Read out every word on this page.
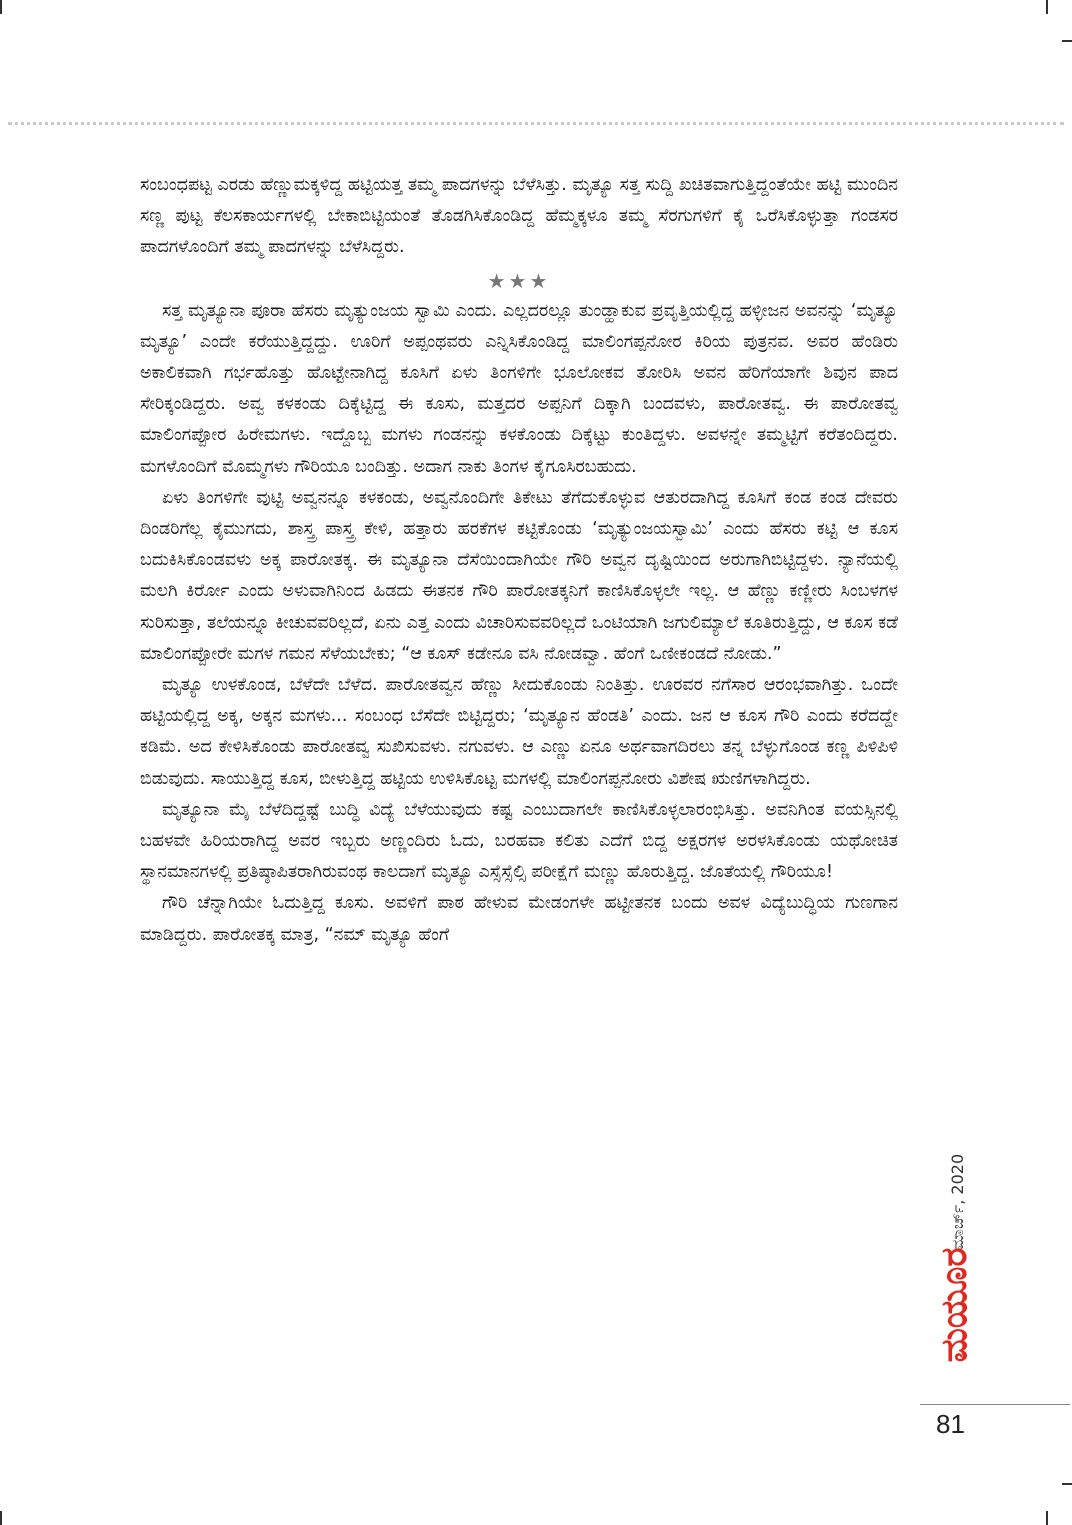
ಸಂಬಂಧಪಟ್ಟ ಎರಡು ಹೆಣ್ಣುಮಕ್ಕಳಿದ್ದ ಹಟ್ಟಿಯತ್ತ ತಮ್ಮ ಪಾದಗಳನ್ನು ಬೆಳೆಸಿತ್ತು. ಮೃತ್ಯೂ ಸತ್ತ ಸುದ್ದಿ ಖಚಿತವಾಗುತ್ತಿದ್ದಂತೆಯೇ ಹಟ್ಟಿ ಮುಂದಿನ ಸಣ್ಣ ಪುಟ್ಟ ಕೆಲಸಕಾರ್ಯಗಳಲ್ಲಿ ಬೇಕಾಬಿಟ್ಟಿಯಂತೆ ತೊಡಗಿಸಿಕೊಂಡಿದ್ದ ಹೆಮ್ಮಕ್ಕಳೂ ತಮ್ಮ ಸೆರಗುಗಳಿಗೆ ಕೈ ಒರೆಸಿಕೊಳ್ಳುತ್ತಾ ಗಂಡಸರ ಪಾದಗಳೊಂದಿಗೆ ತಮ್ಮ ಪಾದಗಳನ್ನು ಬೆಳೆಸಿದ್ದರು.

★★★

ಸತ್ತ ಮೃತ್ಯೂನಾ ಪೂರಾ ಹೆಸರು ಮೃತ್ಯುಂಜಯ ಸ್ವಾಮಿ ಎಂದು. ಎಲ್ಲದರಲ್ಲೂ ತುಂಡ್ಹಾಕುವ ಪ್ರವೃತ್ತಿಯಲ್ಲಿದ್ದ ಹಳ್ಳೀಜನ ಅವನನ್ನು ‘ಮೃತ್ಯೂ ಮೃತ್ಯೂ’ ಎಂದೇ ಕರೆಯುತ್ತಿದ್ದದ್ದು. ಊರಿಗೆ ಅಪ್ಪಂಥವರು ಎನ್ನಿಸಿಕೊಂಡಿದ್ದ ಮಾಲಿಂಗಪ್ಪನೋರ ಕಿರಿಯ ಪುತ್ರನವ. ಅವರ ಹೆಂಡಿರು ಅಕಾಲಿಕವಾಗಿ ಗರ್ಭಹೊತ್ತು ಹೊಟ್ಟೇನಾಗಿದ್ದ ಕೂಸಿಗೆ ಏಳು ತಿಂಗಳಿಗೇ ಭೂಲೋಕವ ತೋರಿಸಿ ಅವನ ಹೆರಿಗೆಯಾಗೇ ಶಿವುನ ಪಾದ ಸೇರಿಕ್ಕಂಡಿದ್ದರು. ಅವ್ವ ಕಳಕಂಡು ದಿಕ್ಕೆಟ್ಟಿದ್ದ ಈ ಕೂಸು, ಮತ್ತದರ ಅಪ್ಪನಿಗೆ ದಿಕ್ಕಾಗಿ ಬಂದವಳು, ಪಾರೋತವ್ವ. ಈ ಪಾರೋತವ್ವ ಮಾಲಿಂಗಪ್ಪೋರ ಹಿರೇಮಗಳು. ಇದ್ದೊಬ್ಬ ಮಗಳು ಗಂಡನನ್ನು ಕಳಕೊಂಡು ದಿಕ್ಕೆಟ್ಟು ಕುಂತಿದ್ದಳು. ಅವಳನ್ನೇ ತಮ್ಮಟ್ಟಿಗೆ ಕರೆತಂದಿದ್ದರು. ಮಗಳೊಂದಿಗೆ ಮೊಮ್ಮಗಳು ಗೌರಿಯೂ ಬಂದಿತ್ತು. ಅದಾಗ ನಾಕು ತಿಂಗಳ ಕೈಗೂಸಿರಬಹುದು.

ಏಳು ತಿಂಗಳಿಗೇ ವುಟ್ಟಿ ಅವ್ವನನ್ನೂ ಕಳಕಂಡು, ಅವ್ವನೊಂದಿಗೇ ತಿಕೇಟು ತೆಗೆದುಕೊಳ್ಳುವ ಆತುರದಾಗಿದ್ದ ಕೂಸಿಗೆ ಕಂಡ ಕಂಡ ದೇವರು ದಿಂಡರಿಗೆಲ್ಲ ಕೈಮುಗದು, ಶಾಸ್ತ್ರ ಪಾಸ್ತ್ರ ಕೇಳಿ, ಹತ್ತಾರು ಹರಕೆಗಳ ಕಟ್ಟಿಕೊಂಡು ‘ಮೃತ್ಯುಂಜಯಸ್ವಾಮಿ’ ಎಂದು ಹೆಸರು ಕಟ್ಟಿ ಆ ಕೂಸ ಬದುಕಿಸಿಕೊಂಡವಳು ಅಕ್ಕ ಪಾರೋತಕ್ಕ. ಈ ಮೃತ್ಯೂನಾ ದೆಸೆಯಿಂದಾಗಿಯೇ ಗೌರಿ ಅವ್ವನ ದೃಷ್ಟಿಯಿಂದ ಅರುಗಾಗಿಬಿಟ್ಟಿದ್ದಳು. ನ್ಯಾನೆಯಲ್ಲಿ ಮಲಗಿ ಕಿರ್ರೋ ಎಂದು ಅಳುವಾಗಿನಿಂದ ಹಿಡದು ಈತನಕ ಗೌರಿ ಪಾರೋತಕ್ಕನಿಗೆ ಕಾಣಿಸಿಕೊಳ್ಳಲೇ ಇಲ್ಲ. ಆ ಹೆಣ್ಣು ಕಣ್ಣೀರು ಸಿಂಬಳಗಳ ಸುರಿಸುತ್ತಾ, ತಲೆಯನ್ನೂ ಕೀಚುವವರಿಲ್ಲದೆ, ಏನು ಎತ್ತ ಎಂದು ವಿಚಾರಿಸುವವರಿಲ್ಲದೆ ಒಂಟಿಯಾಗಿ ಜಗುಲಿಮ್ಯಾಲೆ ಕೂತಿರುತ್ತಿದ್ದು, ಆ ಕೂಸ ಕಡೆ ಮಾಲಿಂಗಪ್ಪೋರೇ ಮಗಳ ಗಮನ ಸೆಳೆಯಬೇಕು; “ಆ ಕೂಸ್ ಕಡೇನೂ ವಸಿ ನೋಡವ್ವಾ. ಹೆಂಗೆ ಒಣೀಕಂಡದೆ ನೋಡು.”

ಮೃತ್ಯೂ ಉಳಕೊಂಡ, ಬೆಳೆದೇ ಬೆಳೆದ. ಪಾರೋತವ್ವನ ಹೆಣ್ಣು ಸೀದುಕೊಂಡು ನಿಂತಿತ್ತು. ಊರವರ ನಗೆಸಾರ ಆರಂಭವಾಗಿತ್ತು. ಒಂದೇ ಹಟ್ಟಿಯಲ್ಲಿದ್ದ ಅಕ್ಕ, ಅಕ್ಕನ ಮಗಳು... ಸಂಬಂಧ ಬೆಸೆದೇ ಬಿಟ್ಟಿದ್ದರು; ‘ಮೃತ್ಯೂನ ಹೆಂಡತಿ’ ಎಂದು. ಜನ ಆ ಕೂಸ ಗೌರಿ ಎಂದು ಕರೆದದ್ದೇ ಕಡಿಮೆ. ಅದ ಕೇಳಿಸಿಕೊಂಡು ಪಾರೋತವ್ವ ಸುಖಿಸುವಳು. ನಗುವಳು. ಆ ಎಣ್ಣು ಏನೂ ಅರ್ಥವಾಗದಿರಲು ತನ್ನ ಬೆಳ್ಳುಗೊಂಡ ಕಣ್ಣ ಪಿಳಿಪಿಳಿ ಬಿಡುವುದು. ಸಾಯುತ್ತಿದ್ದ ಕೂಸ, ಬೀಳುತ್ತಿದ್ದ ಹಟ್ಟಿಯ ಉಳಿಸಿಕೊಟ್ಟ ಮಗಳಲ್ಲಿ ಮಾಲಿಂಗಪ್ಪನೋರು ವಿಶೇಷ ಋಣಿಗಳಾಗಿದ್ದರು.

ಮೃತ್ಯೂನಾ ಮೈ ಬೆಳೆದಿದ್ದಷ್ಟೆ ಬುದ್ಧಿ ವಿದ್ಯೆ ಬೆಳೆಯುವುದು ಕಷ್ಟ ಎಂಬುದಾಗಲೇ ಕಾಣಿಸಿಕೊಳ್ಳಲಾರಂಭಿಸಿತ್ತು. ಅವನಿಗಿಂತ ವಯಸ್ಸಿನಲ್ಲಿ ಬಹಳವೇ ಹಿರಿಯರಾಗಿದ್ದ ಅವರ ಇಬ್ಬರು ಅಣ್ಣಂದಿರು ಓದು, ಬರಹವಾ ಕಲಿತು ಎದೆಗೆ ಬಿದ್ದ ಅಕ್ಷರಗಳ ಅರಳಸಿಕೊಂಡು ಯಥೋಚಿತ ಸ್ಥಾನಮಾನಗಳಲ್ಲಿ ಪ್ರತಿಷ್ಠಾಪಿತರಾಗಿರುವಂಥ ಕಾಲದಾಗೆ ಮೃತ್ಯೂ ಎಸ್ಸೆಸ್ಸೆಲ್ಸಿ ಪರೀಕ್ಷೆಗೆ ಮಣ್ಣು ಹೊರುತ್ತಿದ್ದ. ಜೊತೆಯಲ್ಲಿ ಗೌರಿಯೂ!

ಗೌರಿ ಚೆನ್ನಾಗಿಯೇ ಓದುತ್ತಿದ್ದ ಕೂಸು. ಅವಳಿಗೆ ಪಾಠ ಹೇಳುವ ಮೇಡಂಗಳೇ ಹಟ್ಟೀತನಕ ಬಂದು ಅವಳ ವಿದ್ಯೆಬುದ್ಧಿಯ ಗುಣಗಾನ ಮಾಡಿದ್ದರು. ಪಾರೋತಕ್ಕ ಮಾತ್ರ, “ನಮ್ ಮೃತ್ಯೂ ಹೆಂಗೆ

ಮಾರ್ಚ್, 2020
ಮಯೂರ
81
